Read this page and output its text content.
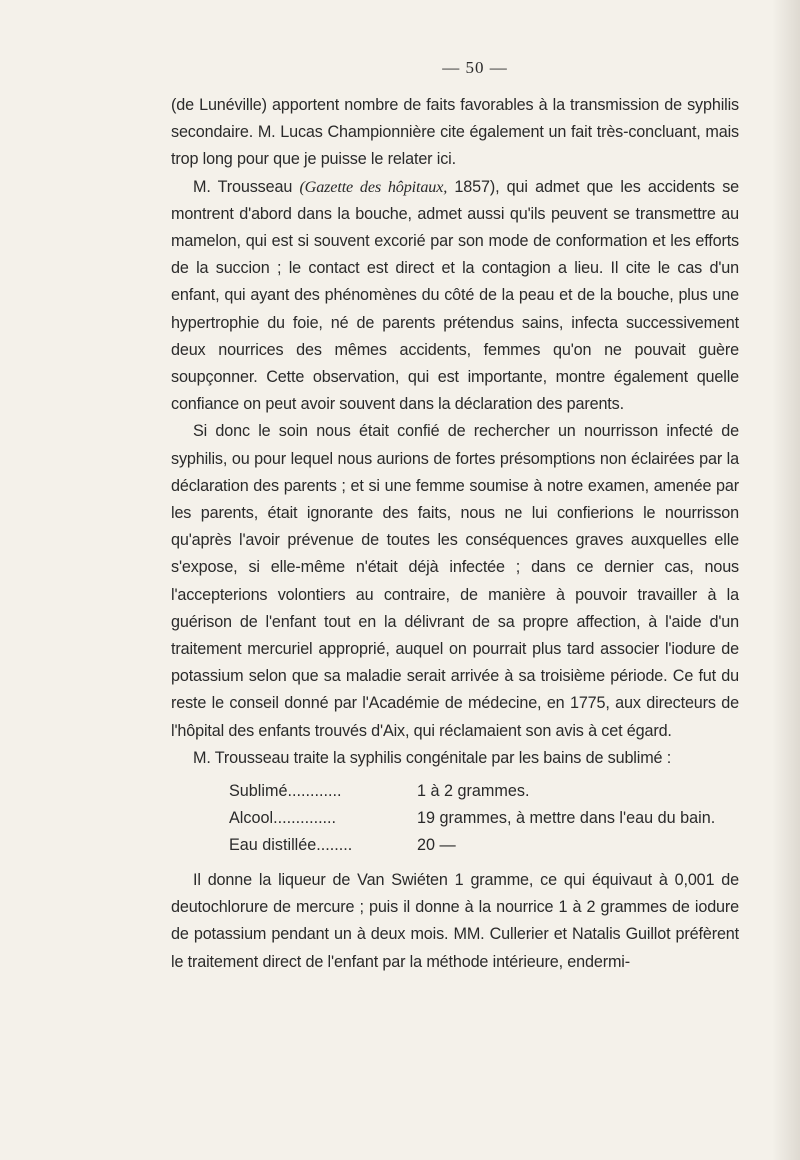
— 50 —

(de Lunéville) apportent nombre de faits favorables à la transmission de syphilis secondaire. M. Lucas Championnière cite également un fait très-concluant, mais trop long pour que je puisse le relater ici.

M. Trousseau (Gazette des hôpitaux, 1857), qui admet que les accidents se montrent d'abord dans la bouche, admet aussi qu'ils peuvent se transmettre au mamelon, qui est si souvent excorié par son mode de conformation et les efforts de la succion ; le contact est direct et la contagion a lieu. Il cite le cas d'un enfant, qui ayant des phénomènes du côté de la peau et de la bouche, plus une hypertrophie du foie, né de parents prétendus sains, infecta successivement deux nourrices des mêmes accidents, femmes qu'on ne pouvait guère soupçonner. Cette observation, qui est importante, montre également quelle confiance on peut avoir souvent dans la déclaration des parents.

Si donc le soin nous était confié de rechercher un nourrisson infecté de syphilis, ou pour lequel nous aurions de fortes présomptions non éclairées par la déclaration des parents ; et si une femme soumise à notre examen, amenée par les parents, était ignorante des faits, nous ne lui confierions le nourrisson qu'après l'avoir prévenue de toutes les conséquences graves auxquelles elle s'expose, si elle-même n'était déjà infectée ; dans ce dernier cas, nous l'accepterions volontiers au contraire, de manière à pouvoir travailler à la guérison de l'enfant tout en la délivrant de sa propre affection, à l'aide d'un traitement mercuriel approprié, auquel on pourrait plus tard associer l'iodure de potassium selon que sa maladie serait arrivée à sa troisième période. Ce fut du reste le conseil donné par l'Académie de médecine, en 1775, aux directeurs de l'hôpital des enfants trouvés d'Aix, qui réclamaient son avis à cet égard.

M. Trousseau traite la syphilis congénitale par les bains de sublimé :

Sublimé............	1 à 2 grammes.
Alcool..............	19 grammes, à mettre dans l'eau du bain.
Eau distillée........	20 —

Il donne la liqueur de Van Swiéten 1 gramme, ce qui équivaut à 0,001 de deutochlorure de mercure ; puis il donne à la nourrice 1 à 2 grammes de iodure de potassium pendant un à deux mois. MM. Cullerier et Natalis Guillot préfèrent le traitement direct de l'enfant par la méthode intérieure, endermi-
